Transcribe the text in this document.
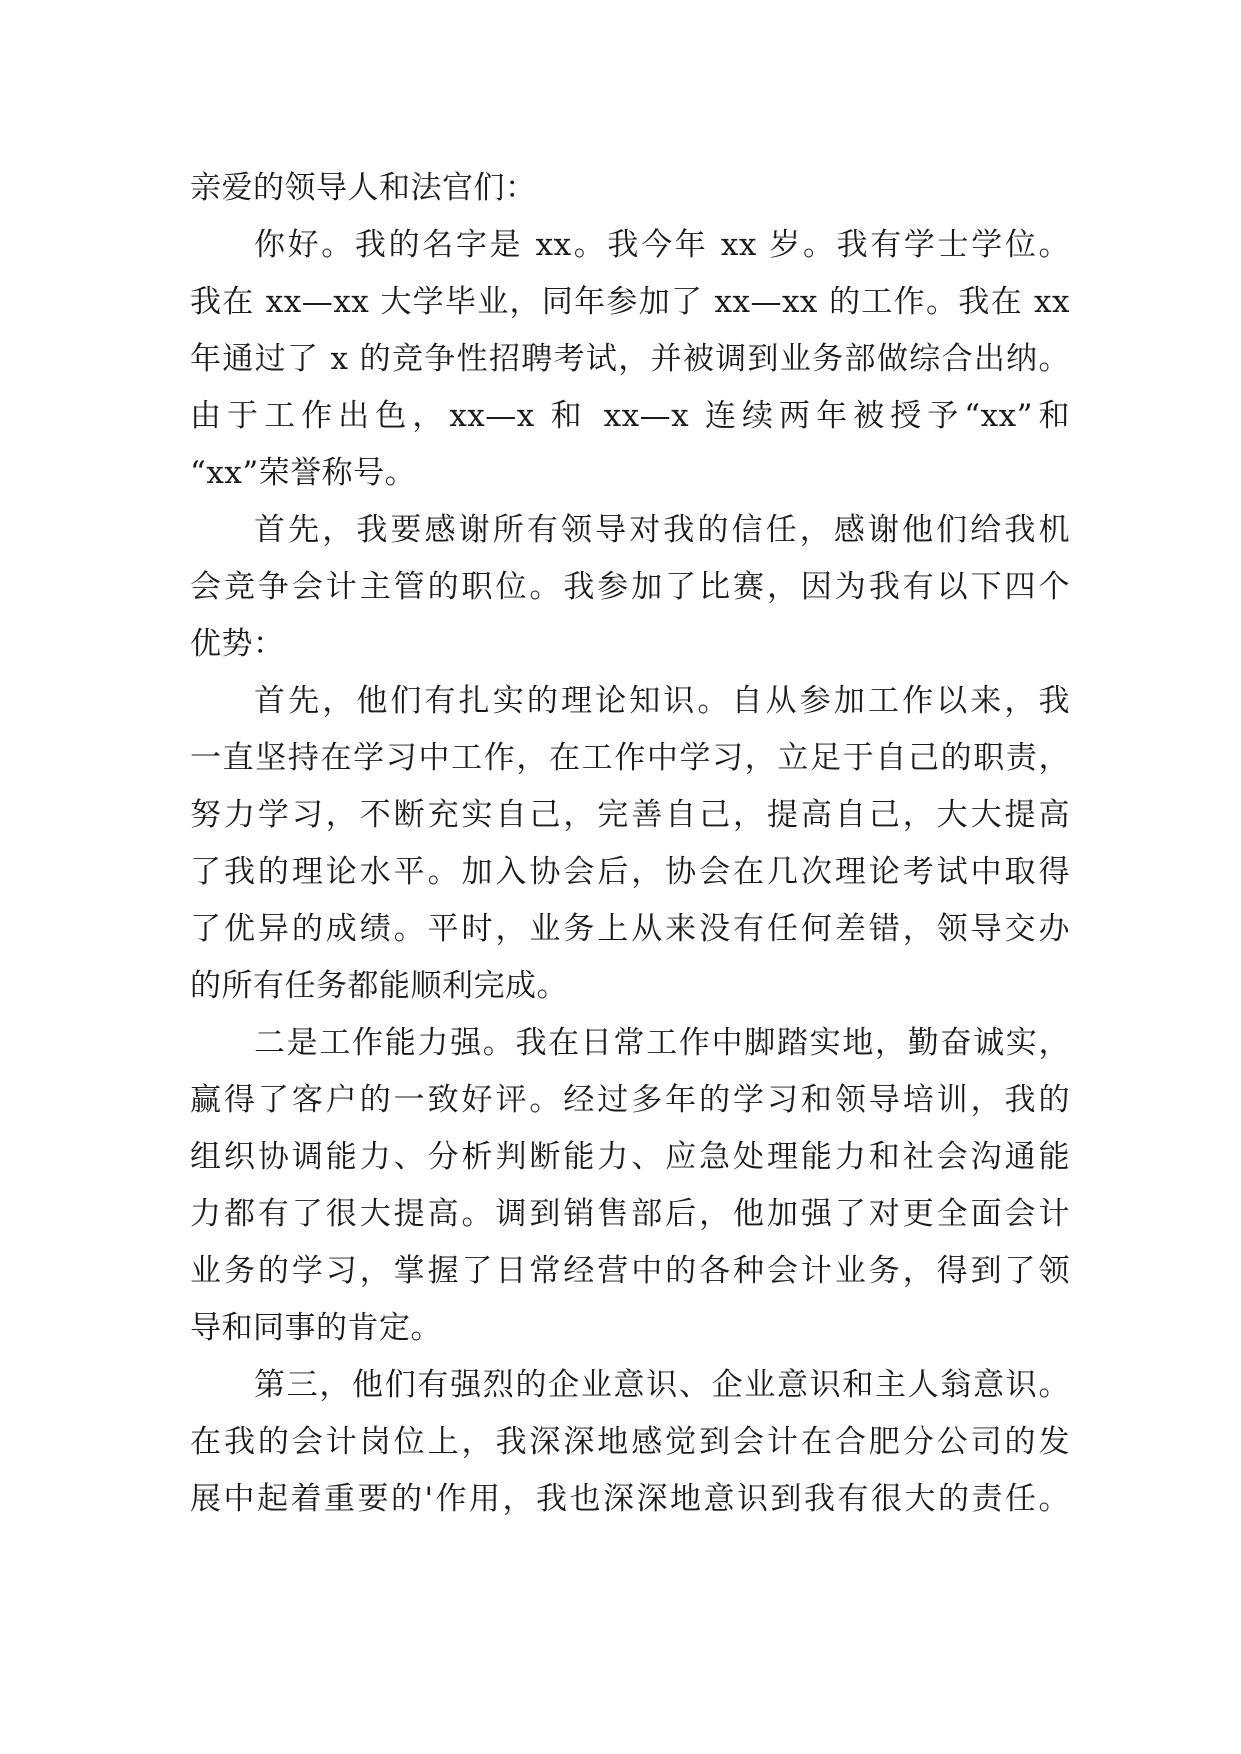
亲爱的领导人和法官们：
你好。我的名字是 xx。我今年 xx 岁。我有学士学位。
我在 xx—xx 大学毕业，同年参加了 xx—xx 的工作。我在 xx
年通过了 x 的竞争性招聘考试，并被调到业务部做综合出纳。
由于工作出色，xx—x 和 xx—x 连续两年被授予“xx”和
“xx”荣誉称号。
首先，我要感谢所有领导对我的信任，感谢他们给我机
会竞争会计主管的职位。我参加了比赛，因为我有以下四个
优势：
首先，他们有扎实的理论知识。自从参加工作以来，我
一直坚持在学习中工作，在工作中学习，立足于自己的职责，
努力学习，不断充实自己，完善自己，提高自己，大大提高
了我的理论水平。加入协会后，协会在几次理论考试中取得
了优异的成绩。平时，业务上从来没有任何差错，领导交办
的所有任务都能顺利完成。
二是工作能力强。我在日常工作中脚踏实地，勤奋诚实，
赢得了客户的一致好评。经过多年的学习和领导培训，我的
组织协调能力、分析判断能力、应急处理能力和社会沟通能
力都有了很大提高。调到销售部后，他加强了对更全面会计
业务的学习，掌握了日常经营中的各种会计业务，得到了领
导和同事的肯定。
第三，他们有强烈的企业意识、企业意识和主人翁意识。
在我的会计岗位上，我深深地感觉到会计在合肥分公司的发
展中起着重要的'作用，我也深深地意识到我有很大的责任。
